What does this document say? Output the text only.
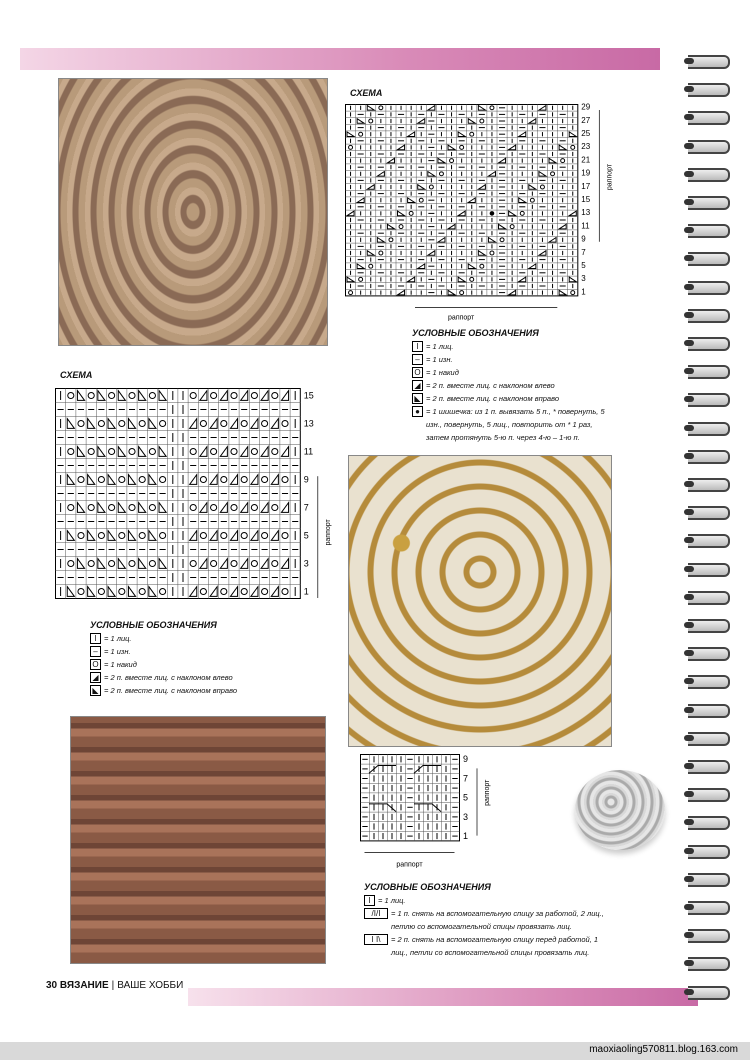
СХЕМА
29
27
25
23
21
19
17
15
13
11
9
7
5
3
1
раппорт
раппорт
УСЛОВНЫЕ ОБОЗНАЧЕНИЯ
I = 1 лиц.
– = 1 изн.
O = 1 накид
◢ = 2 п. вместе лиц. с наклоном влево
◣ = 2 п. вместе лиц. с наклоном вправо
● = 1 шишечка: из 1 п. вывязать 5 п., * повернуть, 5 изн., повернуть, 5 лиц., повторить от * 1 раз, затем протянуть 5-ю п. через 4-ю – 1-ю п.
СХЕМА
15
13
11
9
7
5
3
1
раппорт
УСЛОВНЫЕ ОБОЗНАЧЕНИЯ
I = 1 лиц.
– = 1 изн.
O = 1 накид
◢ = 2 п. вместе лиц. с наклоном влево
◣ = 2 п. вместе лиц. с наклоном вправо
9
7
5
3
1
раппорт
раппорт
УСЛОВНЫЕ ОБОЗНАЧЕНИЯ
I = 1 лиц.
/I/I	= 1 п. снять на вспомогательную спицу за работой, 2 лиц., петлю со вспомогательной спицы провязать лиц.
I I\	= 2 п. снять на вспомогательную спицу перед работой, 1 лиц., петли со вспомогательной спицы провязать лиц.
30 ВЯЗАНИЕ | ВАШЕ ХОББИ
maoxiaoling570811.blog.163.com
